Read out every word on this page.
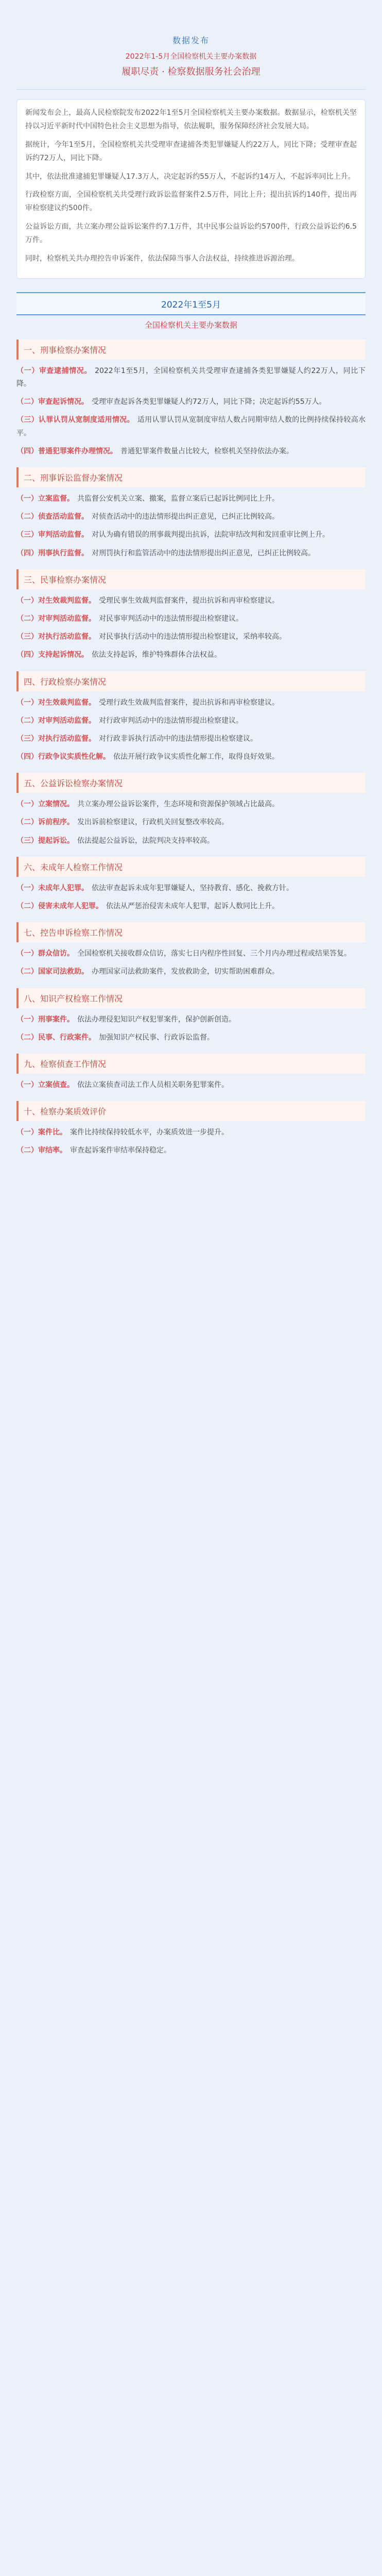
数据发布
2022年1-5月全国检察机关主要办案数据
履职尽责 · 检察数据服务社会治理

新闻发布会上，最高人民检察院发布2022年1至5月全国检察机关主要办案数据。数据显示，检察机关坚持以习近平新时代中国特色社会主义思想为指导，依法履职，服务保障经济社会发展大局。

据统计，今年1至5月，全国检察机关共受理审查逮捕各类犯罪嫌疑人约22万人，同比下降；受理审查起诉约72万人，同比下降。

其中，依法批准逮捕犯罪嫌疑人17.3万人，决定起诉约55万人，不起诉约14万人，不起诉率同比上升。

行政检察方面，全国检察机关共受理行政诉讼监督案件2.5万件，同比上升；提出抗诉约140件，提出再审检察建议约500件。

公益诉讼方面，共立案办理公益诉讼案件约7.1万件，其中民事公益诉讼约5700件，行政公益诉讼约6.5万件。

同时，检察机关共办理控告申诉案件，依法保障当事人合法权益，持续推进诉源治理。

2022年1至5月
全国检察机关主要办案数据
一、刑事检察办案情况

（一）审查逮捕情况。 2022年1至5月，全国检察机关共受理审查逮捕各类犯罪嫌疑人约22万人，同比下降。

（二）审查起诉情况。 受理审查起诉各类犯罪嫌疑人约72万人，同比下降；决定起诉约55万人。

（三）认罪认罚从宽制度适用情况。 适用认罪认罚从宽制度审结人数占同期审结人数的比例持续保持较高水平。

（四）普通犯罪案件办理情况。 普通犯罪案件数量占比较大，检察机关坚持依法办案。

二、刑事诉讼监督办案情况

（一）立案监督。 共监督公安机关立案、撤案，监督立案后已起诉比例同比上升。

（二）侦查活动监督。 对侦查活动中的违法情形提出纠正意见，已纠正比例较高。

（三）审判活动监督。 对认为确有错误的刑事裁判提出抗诉，法院审结改判和发回重审比例上升。

（四）刑事执行监督。 对刑罚执行和监管活动中的违法情形提出纠正意见，已纠正比例较高。

三、民事检察办案情况

（一）对生效裁判监督。 受理民事生效裁判监督案件，提出抗诉和再审检察建议。

（二）对审判活动监督。 对民事审判活动中的违法情形提出检察建议。

（三）对执行活动监督。 对民事执行活动中的违法情形提出检察建议，采纳率较高。

（四）支持起诉情况。 依法支持起诉，维护特殊群体合法权益。

四、行政检察办案情况

（一）对生效裁判监督。 受理行政生效裁判监督案件，提出抗诉和再审检察建议。

（二）对审判活动监督。 对行政审判活动中的违法情形提出检察建议。

（三）对执行活动监督。 对行政非诉执行活动中的违法情形提出检察建议。

（四）行政争议实质性化解。 依法开展行政争议实质性化解工作，取得良好效果。

五、公益诉讼检察办案情况

（一）立案情况。 共立案办理公益诉讼案件，生态环境和资源保护领域占比最高。

（二）诉前程序。 发出诉前检察建议，行政机关回复整改率较高。

（三）提起诉讼。 依法提起公益诉讼，法院判决支持率较高。

六、未成年人检察工作情况

（一）未成年人犯罪。 依法审查起诉未成年犯罪嫌疑人，坚持教育、感化、挽救方针。

（二）侵害未成年人犯罪。 依法从严惩治侵害未成年人犯罪，起诉人数同比上升。

七、控告申诉检察工作情况

（一）群众信访。 全国检察机关接收群众信访，落实七日内程序性回复、三个月内办理过程或结果答复。

（二）国家司法救助。 办理国家司法救助案件，发放救助金，切实帮助困难群众。

八、知识产权检察工作情况

（一）刑事案件。 依法办理侵犯知识产权犯罪案件，保护创新创造。

（二）民事、行政案件。 加强知识产权民事、行政诉讼监督。

九、检察侦查工作情况

（一）立案侦查。 依法立案侦查司法工作人员相关职务犯罪案件。

十、检察办案质效评价

（一）案件比。 案件比持续保持较低水平，办案质效进一步提升。

（二）审结率。 审查起诉案件审结率保持稳定。
